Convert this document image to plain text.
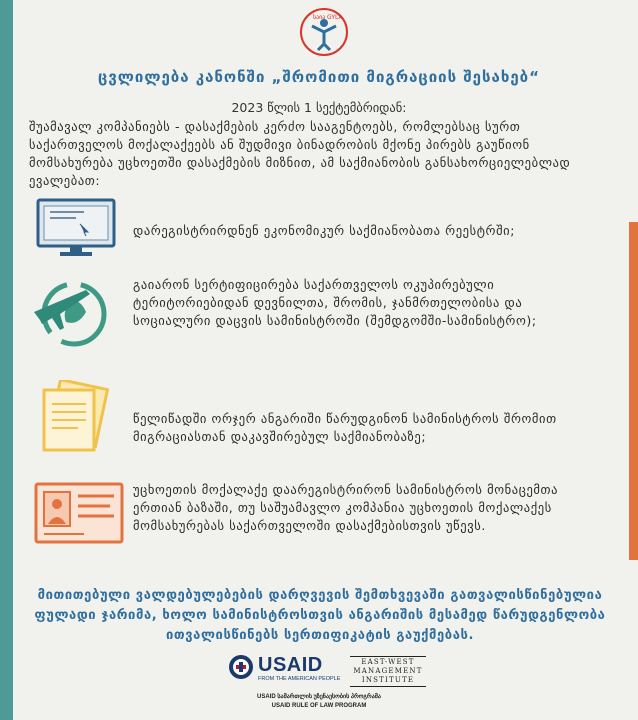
საია GYLA
ცვლილება კანონში „შრომითი მიგრაციის შესახებ“
2023 წლის 1 სექტემბრიდან:
შუამავალ კომპანიებს - დასაქმების კერძო სააგენტოებს, რომლებსაც სურთ საქართველოს მოქალაქეებს ან შუდმივი ბინადრობის მქონე პირებს გაუწიონ მომსახურება უცხოეთში დასაქმების მიზნით, ამ საქმიანობის განსახორციელებლად ევალებათ:
დარეგისტრირდნენ ეკონომიკურ საქმიანობათა რეესტრში;
გაიარონ სერტიფიცირება საქართველოს ოკუპირებული ტერიტორიებიდან დევნილთა, შრომის, ჯანმრთელობისა და სოციალური დაცვის სამინისტროში (შემდგომში-სამინისტრო);
წელიწადში ორჯერ ანგარიში წარუდგინონ სამინისტროს შრომით მიგრაციასთან დაკავშირებულ საქმიანობაზე;
უცხოეთის მოქალაქე დაარეგისტრირონ სამინისტროს მონაცემთა ერთიან ბაზაში, თუ საშუამავლო კომპანია უცხოეთის მოქალაქეს მომსახურებას საქართველოში დასაქმებისთვის უწევს.
მითითებული ვალდებულებების დარღვევის შემთხვევაში გათვალისწინებულია ფულადი ჯარიმა, ხოლო სამინისტროსთვის ანგარიშის მესამედ წარუდგენლობა ითვალისწინებს სერთიფიკატის გაუქმებას.
USAID
FROM THE AMERICAN PEOPLE
EAST-WEST
MANAGEMENT
INSTITUTE
USAID სამართლის უზენაესობის პროგრამა
USAID RULE OF LAW PROGRAM
